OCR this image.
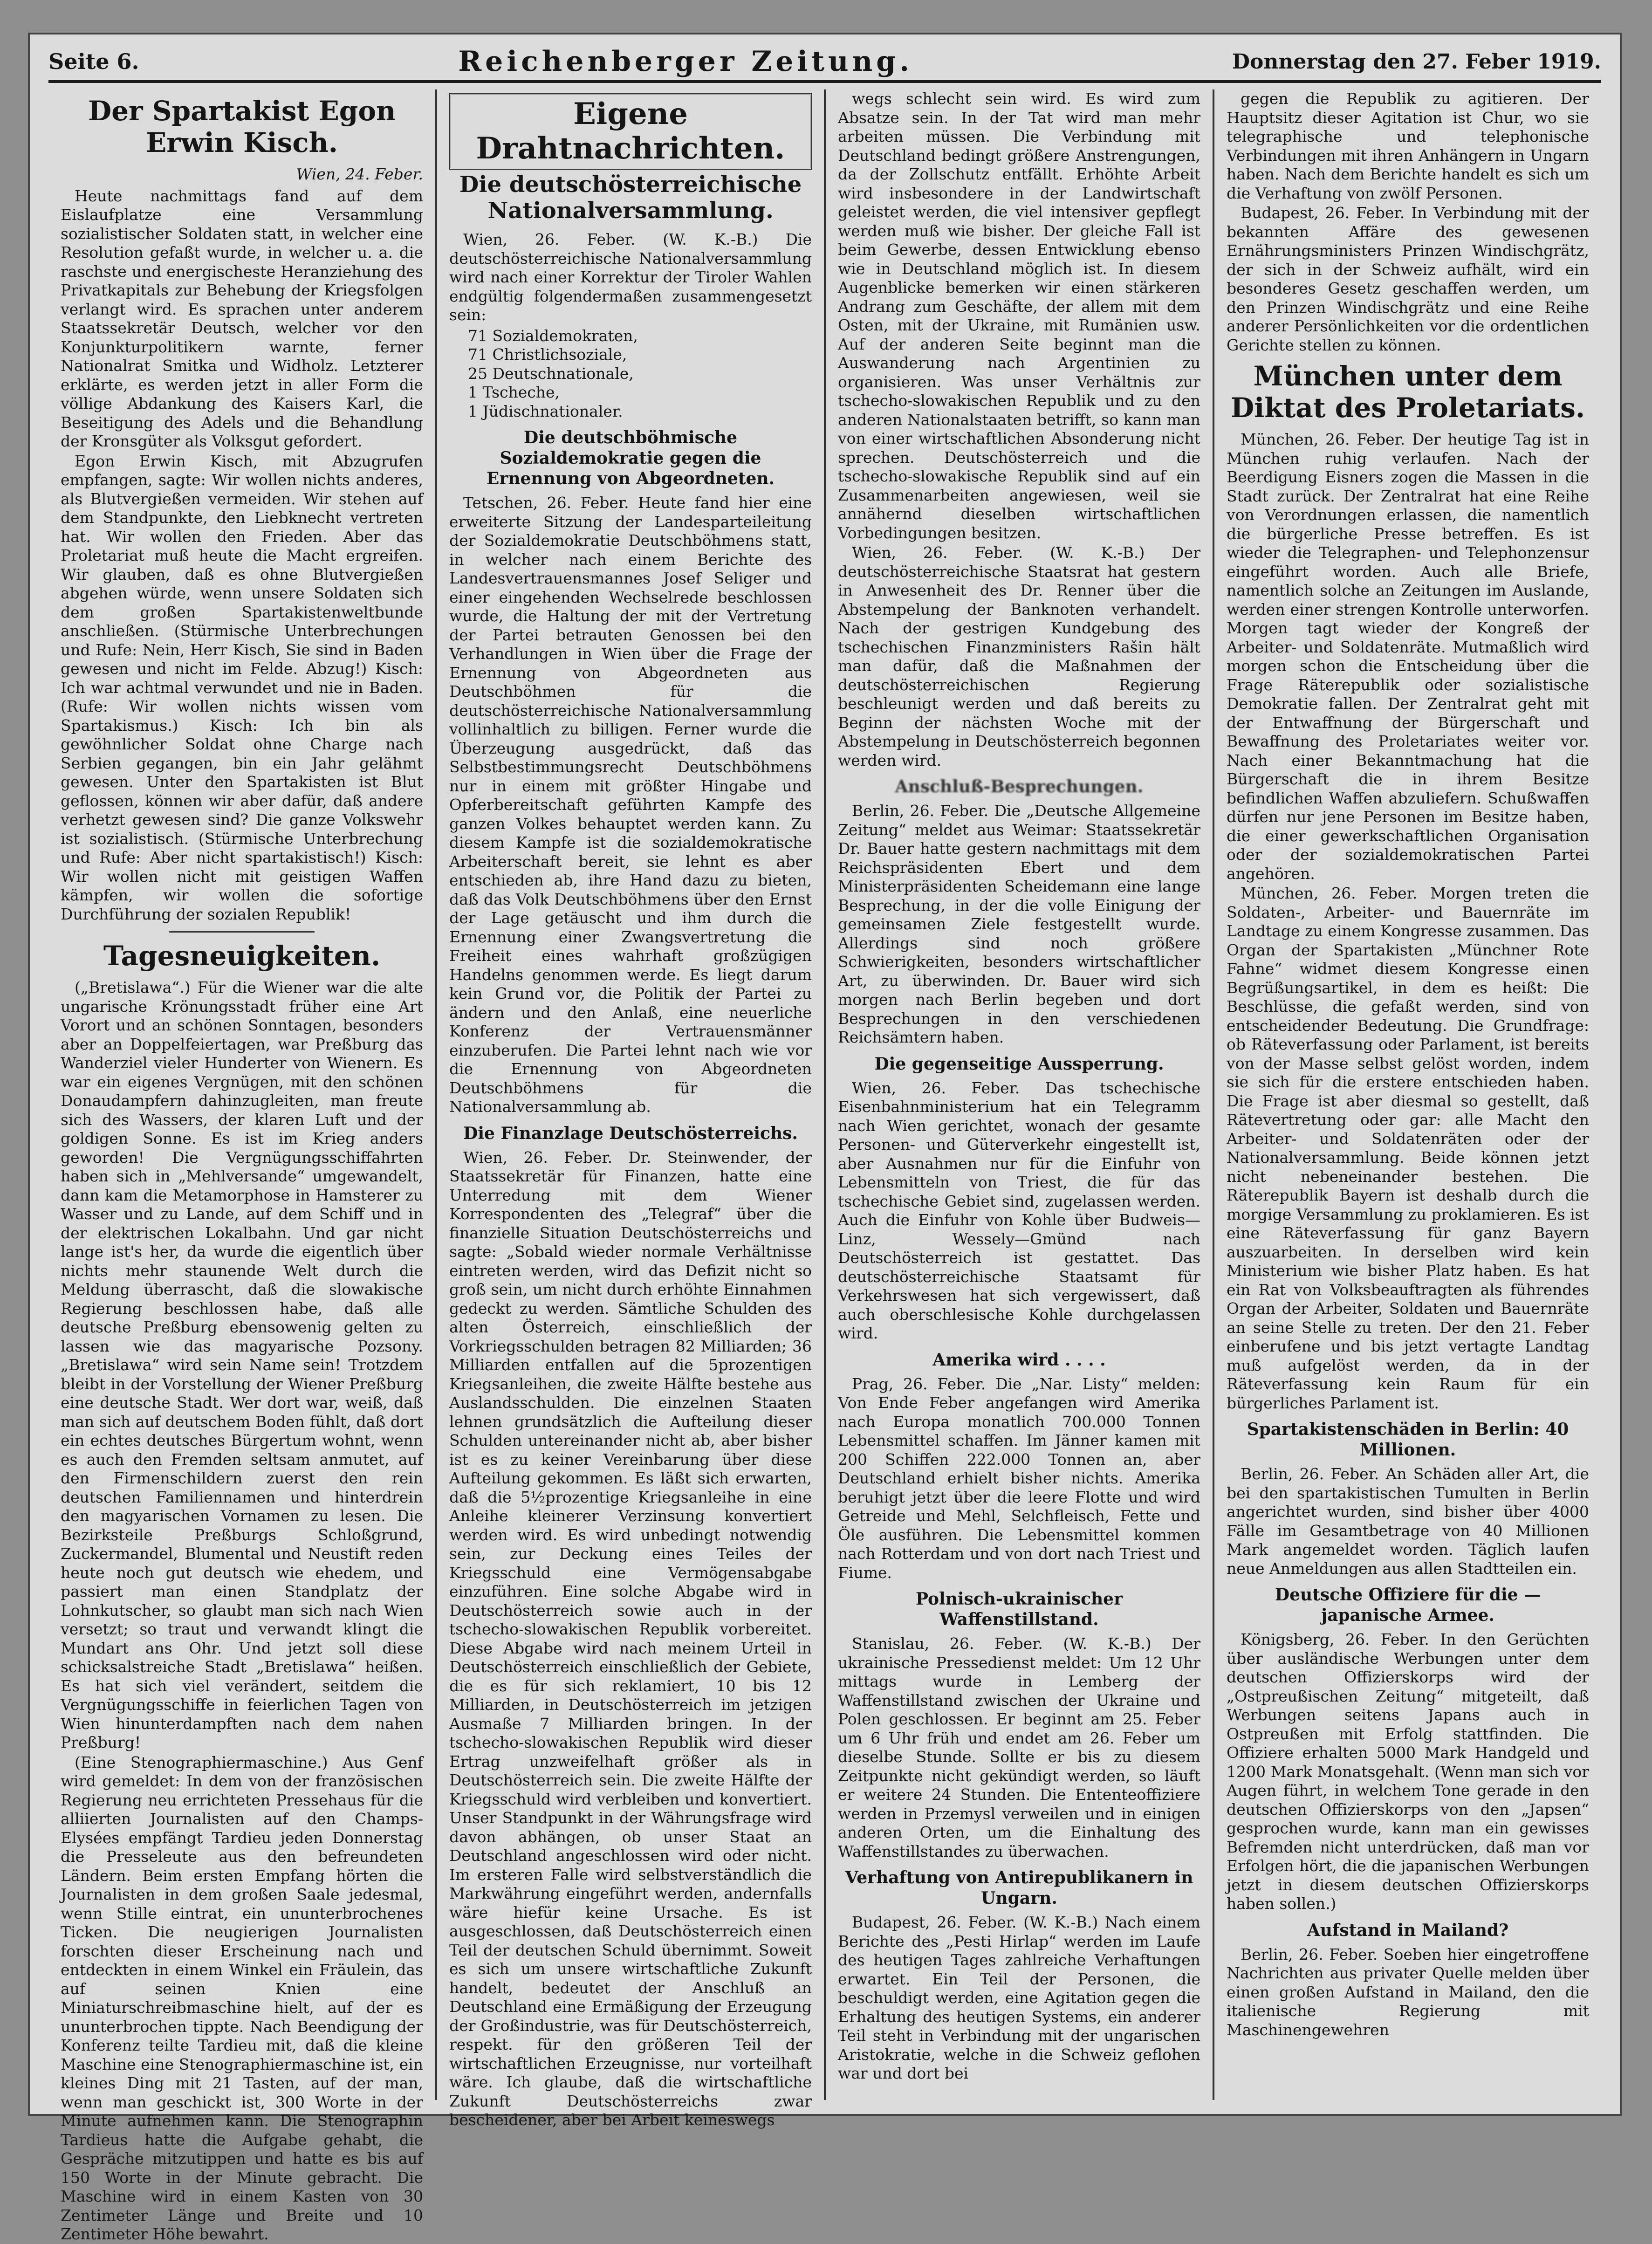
Seite 6.	Reichenberger Zeitung.	Donnerstag den 27. Feber 1919.
Der Spartakist Egon Erwin Kisch.
Wien, 24. Feber.

Heute nachmittags fand auf dem Eislaufplatze eine Versammlung sozialistischer Soldaten statt, in welcher eine Resolution gefaßt wurde, in welcher u. a. die raschste und energischeste Heranziehung des Privatkapitals zur Behebung der Kriegsfolgen verlangt wird. Es sprachen unter anderem Staatssekretär Deutsch, welcher vor den Konjunkturpolitikern warnte, ferner Nationalrat Smitka und Widholz. Letzterer erklärte, es werden jetzt in aller Form die völlige Abdankung des Kaisers Karl, die Beseitigung des Adels und die Behandlung der Kronsgüter als Volksgut gefordert.

Egon Erwin Kisch, mit Abzugrufen empfangen, sagte: Wir wollen nichts anderes, als Blutvergießen vermeiden. Wir stehen auf dem Standpunkte, den Liebknecht vertreten hat. Wir wollen den Frieden. Aber das Proletariat muß heute die Macht ergreifen. Wir glauben, daß es ohne Blutvergießen abgehen würde, wenn unsere Soldaten sich dem großen Spartakistenweltbunde anschließen. (Stürmische Unterbrechungen und Rufe: Nein, Herr Kisch, Sie sind in Baden gewesen und nicht im Felde. Abzug!) Kisch: Ich war achtmal verwundet und nie in Baden. (Rufe: Wir wollen nichts wissen vom Spartakismus.) Kisch: Ich bin als gewöhnlicher Soldat ohne Charge nach Serbien gegangen, bin ein Jahr gelähmt gewesen. Unter den Spartakisten ist Blut geflossen, können wir aber dafür, daß andere verhetzt gewesen sind? Die ganze Volkswehr ist sozialistisch. (Stürmische Unterbrechung und Rufe: Aber nicht spartakistisch!) Kisch: Wir wollen nicht mit geistigen Waffen kämpfen, wir wollen die sofortige Durchführung der sozialen Republik!

Tagesneuigkeiten.

(„Bretislawa“.) Für die Wiener war die alte ungarische Krönungsstadt früher eine Art Vorort und an schönen Sonntagen, besonders aber an Doppelfeiertagen, war Preßburg das Wanderziel vieler Hunderter von Wienern. Es war ein eigenes Vergnügen, mit den schönen Donaudampfern dahinzugleiten, man freute sich des Wassers, der klaren Luft und der goldigen Sonne. Es ist im Krieg anders geworden! Die Vergnügungsschiffahrten haben sich in „Mehlversande“ umgewandelt, dann kam die Metamorphose in Hamsterer zu Wasser und zu Lande, auf dem Schiff und in der elektrischen Lokalbahn. Und gar nicht lange ist's her, da wurde die eigentlich über nichts mehr staunende Welt durch die Meldung überrascht, daß die slowakische Regierung beschlossen habe, daß alle deutsche Preßburg ebensowenig gelten zu lassen wie das magyarische Pozsony. „Bretislawa“ wird sein Name sein! Trotzdem bleibt in der Vorstellung der Wiener Preßburg eine deutsche Stadt. Wer dort war, weiß, daß man sich auf deutschem Boden fühlt, daß dort ein echtes deutsches Bürgertum wohnt, wenn es auch den Fremden seltsam anmutet, auf den Firmenschildern zuerst den rein deutschen Familiennamen und hinterdrein den magyarischen Vornamen zu lesen. Die Bezirksteile Preßburgs Schloßgrund, Zuckermandel, Blumental und Neustift reden heute noch gut deutsch wie ehedem, und passiert man einen Standplatz der Lohnkutscher, so glaubt man sich nach Wien versetzt; so traut und verwandt klingt die Mundart ans Ohr. Und jetzt soll diese schicksalstreiche Stadt „Bretislawa“ heißen. Es hat sich viel verändert, seitdem die Vergnügungsschiffe in feierlichen Tagen von Wien hinunterdampften nach dem nahen Preßburg!

(Eine Stenographiermaschine.) Aus Genf wird gemeldet: In dem von der französischen Regierung neu errichteten Pressehaus für die alliierten Journalisten auf den Champs-Elysées empfängt Tardieu jeden Donnerstag die Presseleute aus den befreundeten Ländern. Beim ersten Empfang hörten die Journalisten in dem großen Saale jedesmal, wenn Stille eintrat, ein ununterbrochenes Ticken. Die neugierigen Journalisten forschten dieser Erscheinung nach und entdeckten in einem Winkel ein Fräulein, das auf seinen Knien eine Miniaturschreibmaschine hielt, auf der es ununterbrochen tippte. Nach Beendigung der Konferenz teilte Tardieu mit, daß die kleine Maschine eine Stenographiermaschine ist, ein kleines Ding mit 21 Tasten, auf der man, wenn man geschickt ist, 300 Worte in der Minute aufnehmen kann. Die Stenographin Tardieus hatte die Aufgabe gehabt, die Gespräche mitzutippen und hatte es bis auf 150 Worte in der Minute gebracht. Die Maschine wird in einem Kasten von 30 Zentimeter Länge und Breite und 10 Zentimeter Höhe bewahrt.

Eigene Drahtnachrichten.
Die deutschösterreichische Nationalversammlung.

Wien, 26. Feber. (W. K.-B.) Die deutschösterreichische Nationalversammlung wird nach einer Korrektur der Tiroler Wahlen endgültig folgendermaßen zusammengesetzt sein:

71 Sozialdemokraten,
71 Christlichsoziale,
25 Deutschnationale,
1 Tscheche,
1 Jüdischnationaler.
Die deutschböhmische Sozialdemokratie gegen die Ernennung von Abgeordneten.

Tetschen, 26. Feber. Heute fand hier eine erweiterte Sitzung der Landesparteileitung der Sozialdemokratie Deutschböhmens statt, in welcher nach einem Berichte des Landesvertrauensmannes Josef Seliger und einer eingehenden Wechselrede beschlossen wurde, die Haltung der mit der Vertretung der Partei betrauten Genossen bei den Verhandlungen in Wien über die Frage der Ernennung von Abgeordneten aus Deutschböhmen für die deutschösterreichische Nationalversammlung vollinhaltlich zu billigen. Ferner wurde die Überzeugung ausgedrückt, daß das Selbstbestimmungsrecht Deutschböhmens nur in einem mit größter Hingabe und Opferbereitschaft geführten Kampfe des ganzen Volkes behauptet werden kann. Zu diesem Kampfe ist die sozialdemokratische Arbeiterschaft bereit, sie lehnt es aber entschieden ab, ihre Hand dazu zu bieten, daß das Volk Deutschböhmens über den Ernst der Lage getäuscht und ihm durch die Ernennung einer Zwangsvertretung die Freiheit eines wahrhaft großzügigen Handelns genommen werde. Es liegt darum kein Grund vor, die Politik der Partei zu ändern und den Anlaß, eine neuerliche Konferenz der Vertrauensmänner einzuberufen. Die Partei lehnt nach wie vor die Ernennung von Abgeordneten Deutschböhmens für die Nationalversammlung ab.

Die Finanzlage Deutschösterreichs.

Wien, 26. Feber. Dr. Steinwender, der Staatssekretär für Finanzen, hatte eine Unterredung mit dem Wiener Korrespondenten des „Telegraf“ über die finanzielle Situation Deutschösterreichs und sagte: „Sobald wieder normale Verhältnisse eintreten werden, wird das Defizit nicht so groß sein, um nicht durch erhöhte Einnahmen gedeckt zu werden. Sämtliche Schulden des alten Österreich, einschließlich der Vorkriegsschulden betragen 82 Milliarden; 36 Milliarden entfallen auf die 5prozentigen Kriegsanleihen, die zweite Hälfte bestehe aus Auslandsschulden. Die einzelnen Staaten lehnen grundsätzlich die Aufteilung dieser Schulden untereinander nicht ab, aber bisher ist es zu keiner Vereinbarung über diese Aufteilung gekommen. Es läßt sich erwarten, daß die 5½prozentige Kriegsanleihe in eine Anleihe kleinerer Verzinsung konvertiert werden wird. Es wird unbedingt notwendig sein, zur Deckung eines Teiles der Kriegsschuld eine Vermögensabgabe einzuführen. Eine solche Abgabe wird in Deutschösterreich sowie auch in der tschecho-slowakischen Republik vorbereitet. Diese Abgabe wird nach meinem Urteil in Deutschösterreich einschließlich der Gebiete, die es für sich reklamiert, 10 bis 12 Milliarden, in Deutschösterreich im jetzigen Ausmaße 7 Milliarden bringen. In der tschecho-slowakischen Republik wird dieser Ertrag unzweifelhaft größer als in Deutschösterreich sein. Die zweite Hälfte der Kriegsschuld wird verbleiben und konvertiert. Unser Standpunkt in der Währungsfrage wird davon abhängen, ob unser Staat an Deutschland angeschlossen wird oder nicht. Im ersteren Falle wird selbstverständlich die Markwährung eingeführt werden, andernfalls wäre hiefür keine Ursache. Es ist ausgeschlossen, daß Deutschösterreich einen Teil der deutschen Schuld übernimmt. Soweit es sich um unsere wirtschaftliche Zukunft handelt, bedeutet der Anschluß an Deutschland eine Ermäßigung der Erzeugung der Großindustrie, was für Deutschösterreich, respekt. für den größeren Teil der wirtschaftlichen Erzeugnisse, nur vorteilhaft wäre. Ich glaube, daß die wirtschaftliche Zukunft Deutschösterreichs zwar bescheidener, aber bei Arbeit keineswegs

wegs schlecht sein wird. Es wird zum Absatze sein. In der Tat wird man mehr arbeiten müssen. Die Verbindung mit Deutschland bedingt größere Anstrengungen, da der Zollschutz entfällt. Erhöhte Arbeit wird insbesondere in der Landwirtschaft geleistet werden, die viel intensiver gepflegt werden muß wie bisher. Der gleiche Fall ist beim Gewerbe, dessen Entwicklung ebenso wie in Deutschland möglich ist. In diesem Augenblicke bemerken wir einen stärkeren Andrang zum Geschäfte, der allem mit dem Osten, mit der Ukraine, mit Rumänien usw. Auf der anderen Seite beginnt man die Auswanderung nach Argentinien zu organisieren. Was unser Verhältnis zur tschecho-slowakischen Republik und zu den anderen Nationalstaaten betrifft, so kann man von einer wirtschaftlichen Absonderung nicht sprechen. Deutschösterreich und die tschecho-slowakische Republik sind auf ein Zusammenarbeiten angewiesen, weil sie annähernd dieselben wirtschaftlichen Vorbedingungen besitzen.

Wien, 26. Feber. (W. K.-B.) Der deutschösterreichische Staatsrat hat gestern in Anwesenheit des Dr. Renner über die Abstempelung der Banknoten verhandelt. Nach der gestrigen Kundgebung des tschechischen Finanzministers Rašin hält man dafür, daß die Maßnahmen der deutschösterreichischen Regierung beschleunigt werden und daß bereits zu Beginn der nächsten Woche mit der Abstempelung in Deutschösterreich begonnen werden wird.

Anschluß-Besprechungen.

Berlin, 26. Feber. Die „Deutsche Allgemeine Zeitung“ meldet aus Weimar: Staatssekretär Dr. Bauer hatte gestern nachmittags mit dem Reichspräsidenten Ebert und dem Ministerpräsidenten Scheidemann eine lange Besprechung, in der die volle Einigung der gemeinsamen Ziele festgestellt wurde. Allerdings sind noch größere Schwierigkeiten, besonders wirtschaftlicher Art, zu überwinden. Dr. Bauer wird sich morgen nach Berlin begeben und dort Besprechungen in den verschiedenen Reichsämtern haben.

Die gegenseitige Aussperrung.

Wien, 26. Feber. Das tschechische Eisenbahnministerium hat ein Telegramm nach Wien gerichtet, wonach der gesamte Personen- und Güterverkehr eingestellt ist, aber Ausnahmen nur für die Einfuhr von Lebensmitteln von Triest, die für das tschechische Gebiet sind, zugelassen werden. Auch die Einfuhr von Kohle über Budweis—Linz, Wessely—Gmünd nach Deutschösterreich ist gestattet. Das deutschösterreichische Staatsamt für Verkehrswesen hat sich vergewissert, daß auch oberschlesische Kohle durchgelassen wird.

Amerika wird . . . .

Prag, 26. Feber. Die „Nar. Listy“ melden: Von Ende Feber angefangen wird Amerika nach Europa monatlich 700.000 Tonnen Lebensmittel schaffen. Im Jänner kamen mit 200 Schiffen 222.000 Tonnen an, aber Deutschland erhielt bisher nichts. Amerika beruhigt jetzt über die leere Flotte und wird Getreide und Mehl, Selchfleisch, Fette und Öle ausführen. Die Lebensmittel kommen nach Rotterdam und von dort nach Triest und Fiume.

Polnisch-ukrainischer Waffenstillstand.

Stanislau, 26. Feber. (W. K.-B.) Der ukrainische Pressedienst meldet: Um 12 Uhr mittags wurde in Lemberg der Waffenstillstand zwischen der Ukraine und Polen geschlossen. Er beginnt am 25. Feber um 6 Uhr früh und endet am 26. Feber um dieselbe Stunde. Sollte er bis zu diesem Zeitpunkte nicht gekündigt werden, so läuft er weitere 24 Stunden. Die Ententeoffiziere werden in Przemysl verweilen und in einigen anderen Orten, um die Einhaltung des Waffenstillstandes zu überwachen.

Verhaftung von Antirepublikanern in Ungarn.

Budapest, 26. Feber. (W. K.-B.) Nach einem Berichte des „Pesti Hirlap“ werden im Laufe des heutigen Tages zahlreiche Verhaftungen erwartet. Ein Teil der Personen, die beschuldigt werden, eine Agitation gegen die Erhaltung des heutigen Systems, ein anderer Teil steht in Verbindung mit der ungarischen Aristokratie, welche in die Schweiz geflohen war und dort bei

gegen die Republik zu agitieren. Der Hauptsitz dieser Agitation ist Chur, wo sie telegraphische und telephonische Verbindungen mit ihren Anhängern in Ungarn haben. Nach dem Berichte handelt es sich um die Verhaftung von zwölf Personen.

Budapest, 26. Feber. In Verbindung mit der bekannten Affäre des gewesenen Ernährungsministers Prinzen Windischgrätz, der sich in der Schweiz aufhält, wird ein besonderes Gesetz geschaffen werden, um den Prinzen Windischgrätz und eine Reihe anderer Persönlichkeiten vor die ordentlichen Gerichte stellen zu können.

München unter dem Diktat des Proletariats.

München, 26. Feber. Der heutige Tag ist in München ruhig verlaufen. Nach der Beerdigung Eisners zogen die Massen in die Stadt zurück. Der Zentralrat hat eine Reihe von Verordnungen erlassen, die namentlich die bürgerliche Presse betreffen. Es ist wieder die Telegraphen- und Telephonzensur eingeführt worden. Auch alle Briefe, namentlich solche an Zeitungen im Auslande, werden einer strengen Kontrolle unterworfen. Morgen tagt wieder der Kongreß der Arbeiter- und Soldatenräte. Mutmaßlich wird morgen schon die Entscheidung über die Frage Räterepublik oder sozialistische Demokratie fallen. Der Zentralrat geht mit der Entwaffnung der Bürgerschaft und Bewaffnung des Proletariates weiter vor. Nach einer Bekanntmachung hat die Bürgerschaft die in ihrem Besitze befindlichen Waffen abzuliefern. Schußwaffen dürfen nur jene Personen im Besitze haben, die einer gewerkschaftlichen Organisation oder der sozialdemokratischen Partei angehören.

München, 26. Feber. Morgen treten die Soldaten-, Arbeiter- und Bauernräte im Landtage zu einem Kongresse zusammen. Das Organ der Spartakisten „Münchner Rote Fahne“ widmet diesem Kongresse einen Begrüßungsartikel, in dem es heißt: Die Beschlüsse, die gefaßt werden, sind von entscheidender Bedeutung. Die Grundfrage: ob Räteverfassung oder Parlament, ist bereits von der Masse selbst gelöst worden, indem sie sich für die erstere entschieden haben. Die Frage ist aber diesmal so gestellt, daß Rätevertretung oder gar: alle Macht den Arbeiter- und Soldatenräten oder der Nationalversammlung. Beide können jetzt nicht nebeneinander bestehen. Die Räterepublik Bayern ist deshalb durch die morgige Versammlung zu proklamieren. Es ist eine Räteverfassung für ganz Bayern auszuarbeiten. In derselben wird kein Ministerium wie bisher Platz haben. Es hat ein Rat von Volksbeauftragten als führendes Organ der Arbeiter, Soldaten und Bauernräte an seine Stelle zu treten. Der den 21. Feber einberufene und bis jetzt vertagte Landtag muß aufgelöst werden, da in der Räteverfassung kein Raum für ein bürgerliches Parlament ist.

Spartakistenschäden in Berlin: 40 Millionen.

Berlin, 26. Feber. An Schäden aller Art, die bei den spartakistischen Tumulten in Berlin angerichtet wurden, sind bisher über 4000 Fälle im Gesamtbetrage von 40 Millionen Mark angemeldet worden. Täglich laufen neue Anmeldungen aus allen Stadtteilen ein.

Deutsche Offiziere für die — japanische Armee.

Königsberg, 26. Feber. In den Gerüchten über ausländische Werbungen unter dem deutschen Offizierskorps wird der „Ostpreußischen Zeitung“ mitgeteilt, daß Werbungen seitens Japans auch in Ostpreußen mit Erfolg stattfinden. Die Offiziere erhalten 5000 Mark Handgeld und 1200 Mark Monatsgehalt. (Wenn man sich vor Augen führt, in welchem Tone gerade in den deutschen Offizierskorps von den „Japsen“ gesprochen wurde, kann man ein gewisses Befremden nicht unterdrücken, daß man vor Erfolgen hört, die die japanischen Werbungen jetzt in diesem deutschen Offizierskorps haben sollen.)

Aufstand in Mailand?

Berlin, 26. Feber. Soeben hier eingetroffene Nachrichten aus privater Quelle melden über einen großen Aufstand in Mailand, den die italienische Regierung mit Maschinengewehren
